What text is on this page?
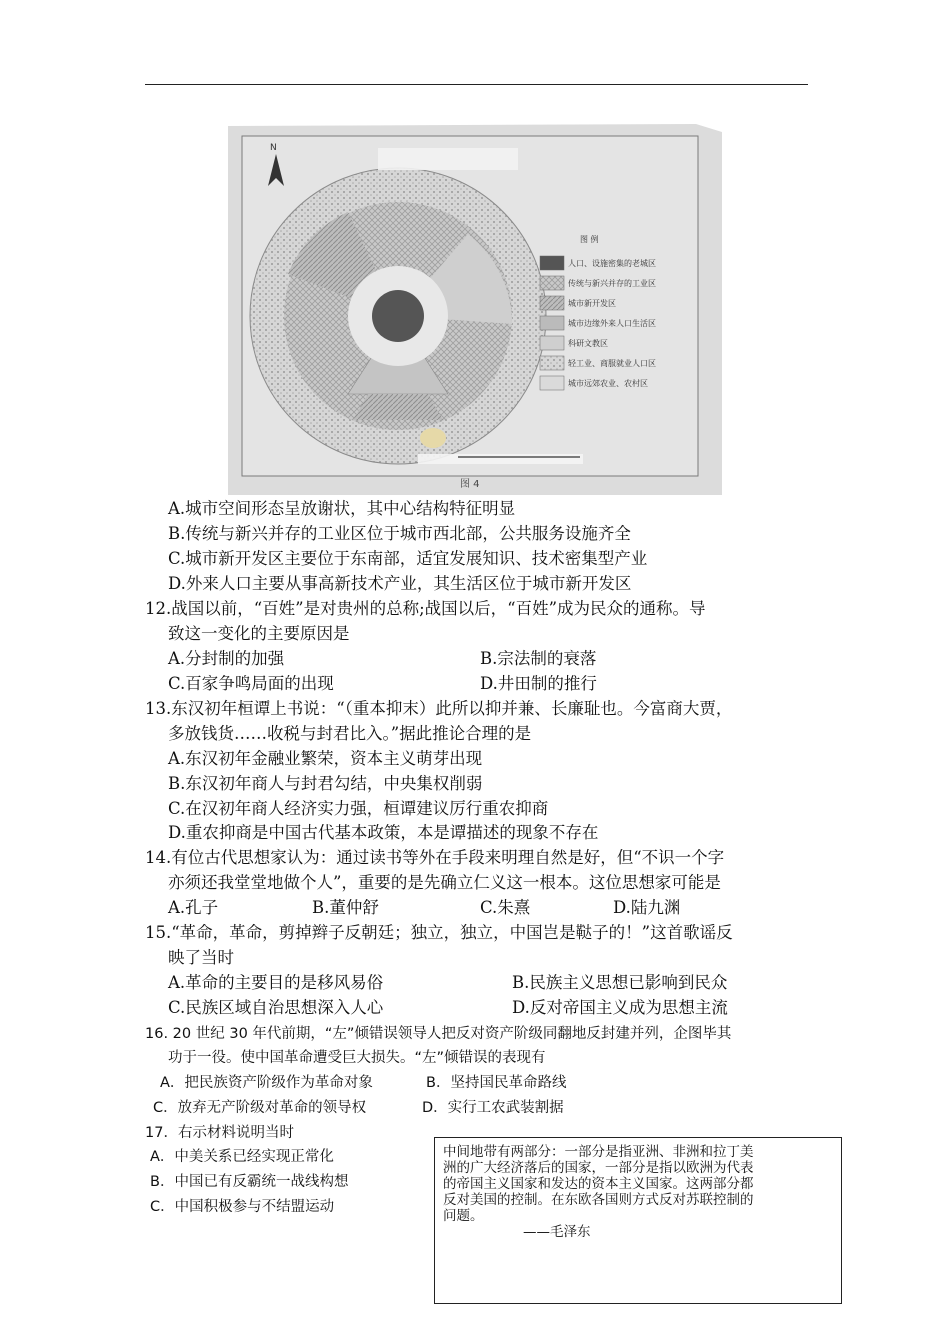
N
图 例
人口、设施密集的老城区
传统与新兴并存的工业区
城市新开发区
城市边缘外来人口生活区
科研文教区
轻工业、商服就业人口区
城市远郊农业、农村区
图 4
A.城市空间形态呈放谢状，其中心结构特征明显
B.传统与新兴并存的工业区位于城市西北部，公共服务设施齐全
C.城市新开发区主要位于东南部，适宜发展知识、技术密集型产业
D.外来人口主要从事高新技术产业，其生活区位于城市新开发区
12.战国以前，“百姓”是对贵州的总称;战国以后，“百姓”成为民众的通称。导
致这一变化的主要原因是
A.分封制的加强	B.宗法制的衰落
C.百家争鸣局面的出现	D.井田制的推行
13.东汉初年桓谭上书说：“（重本抑末）此所以抑并兼、长廉耻也。今富商大贾，
多放钱货……收税与封君比入。”据此推论合理的是
A.东汉初年金融业繁荣，资本主义萌芽出现
B.东汉初年商人与封君勾结，中央集权削弱
C.在汉初年商人经济实力强，桓谭建议厉行重农抑商
D.重农抑商是中国古代基本政策，本是谭描述的现象不存在
14.有位古代思想家认为：通过读书等外在手段来明理自然是好，但“不识一个字
亦须还我堂堂地做个人”，重要的是先确立仁义这一根本。这位思想家可能是
A.孔子	B.董仲舒	C.朱熹	D.陆九渊
15.“革命，革命，剪掉辫子反朝廷；独立，独立，中国岂是鞑子的！”这首歌谣反
映了当时
A.革命的主要目的是移风易俗	B.民族主义思想已影响到民众
C.民族区域自治思想深入人心	D.反对帝国主义成为思想主流
16. 20 世纪 30 年代前期，“左”倾错误领导人把反对资产阶级同翻地反封建并列，企图毕其
功于一役。使中国革命遭受巨大损失。“左”倾错误的表现有
A．把民族资产阶级作为革命对象	B．坚持国民革命路线
C．放弃无产阶级对革命的领导权	D．实行工农武装割据
17．右示材料说明当时
A．中美关系已经实现正常化
B．中国已有反霸统一战线构想
C．中国积极参与不结盟运动
中间地带有两部分：一部分是指亚洲、非洲和拉丁美
洲的广大经济落后的国家，一部分是指以欧洲为代表
的帝国主义国家和发达的资本主义国家。这两部分都
反对美国的控制。在东欧各国则方式反对苏联控制的
问题。
——毛泽东
